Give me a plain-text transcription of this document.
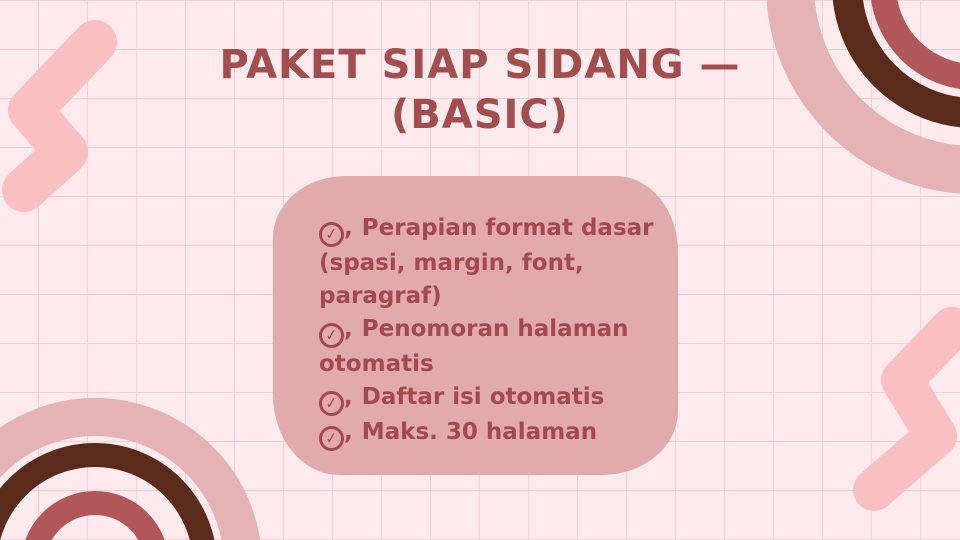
PAKET SIAP SIDANG —
(BASIC)
✓ , Perapian format dasar (spasi, margin, font, paragraf)
✓ , Penomoran halaman otomatis
✓ , Daftar isi otomatis
✓ , Maks. 30 halaman
